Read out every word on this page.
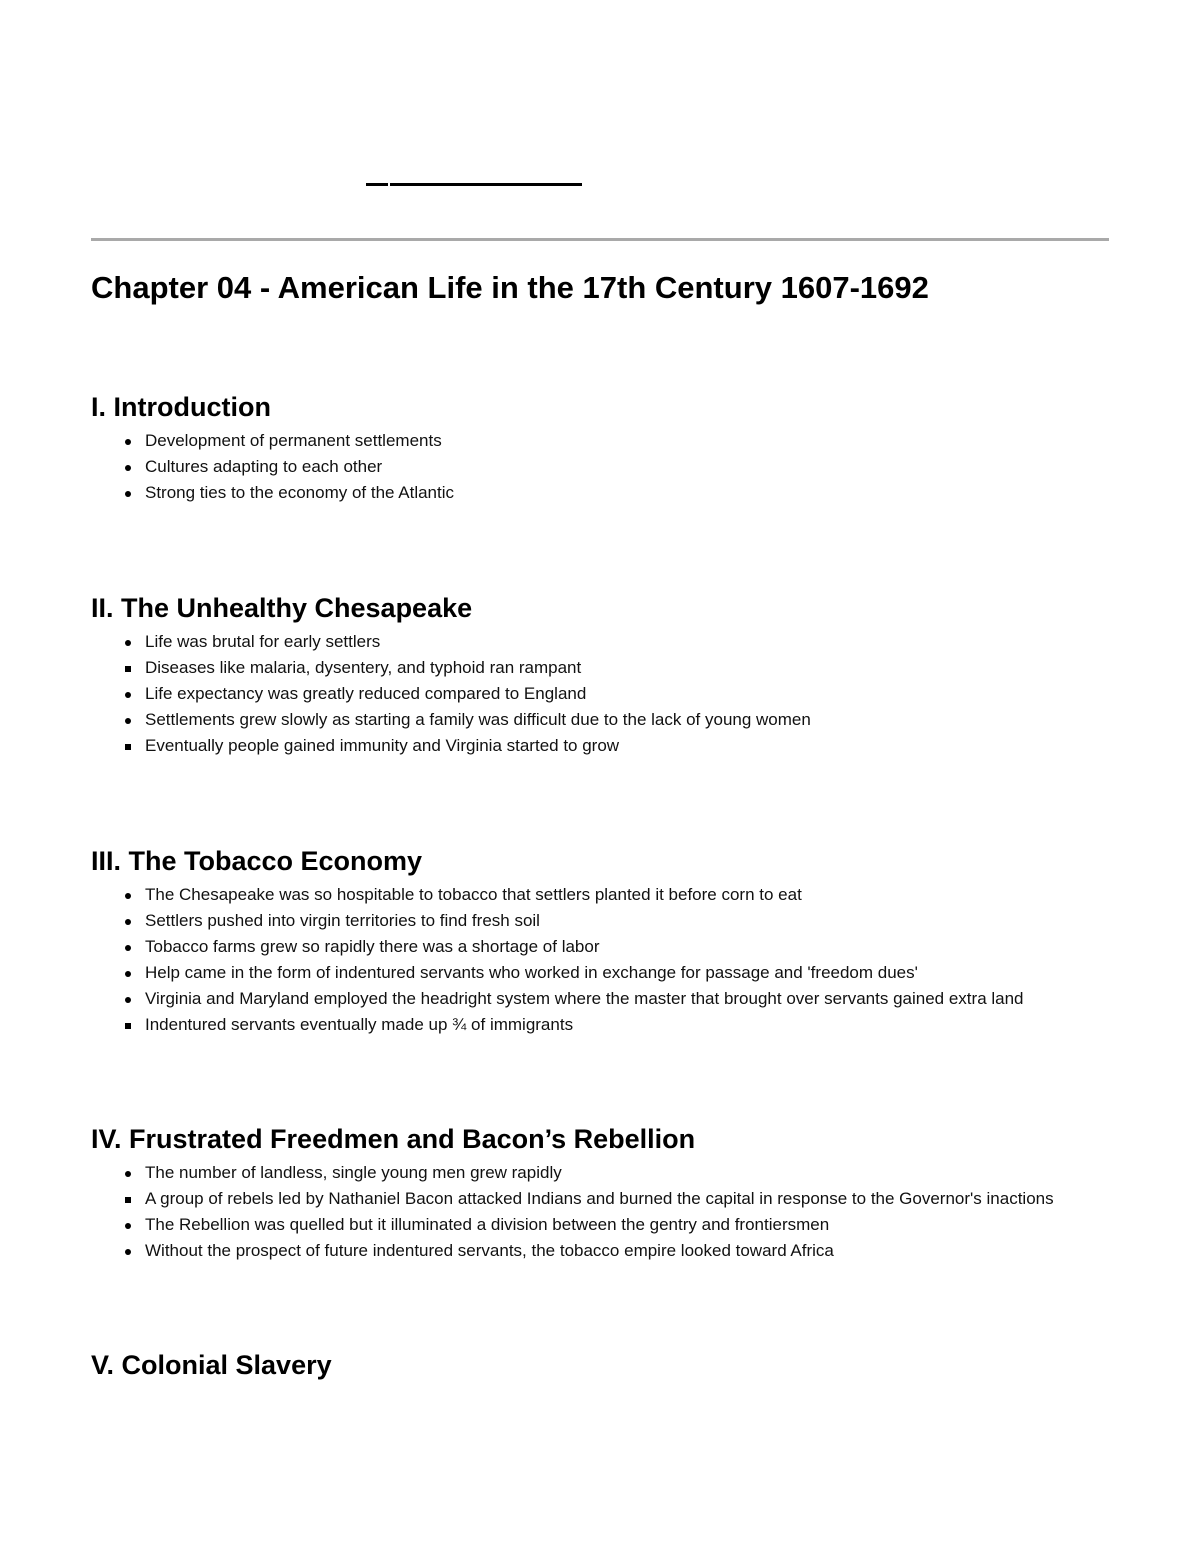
Chapter 04 - American Life in the 17th Century 1607-1692
I. Introduction
Development of permanent settlements
Cultures adapting to each other
Strong ties to the economy of the Atlantic
II. The Unhealthy Chesapeake
Life was brutal for early settlers
Diseases like malaria, dysentery, and typhoid ran rampant
Life expectancy was greatly reduced compared to England
Settlements grew slowly as starting a family was difficult due to the lack of young women
Eventually people gained immunity and Virginia started to grow
III. The Tobacco Economy
The Chesapeake was so hospitable to tobacco that settlers planted it before corn to eat
Settlers pushed into virgin territories to find fresh soil
Tobacco farms grew so rapidly there was a shortage of labor
Help came in the form of indentured servants who worked in exchange for passage and 'freedom dues'
Virginia and Maryland employed the headright system where the master that brought over servants gained extra land
Indentured servants eventually made up ¾ of immigrants
IV. Frustrated Freedmen and Bacon’s Rebellion
The number of landless, single young men grew rapidly
A group of rebels led by Nathaniel Bacon attacked Indians and burned the capital in response to the Governor's inactions
The Rebellion was quelled but it illuminated a division between the gentry and frontiersmen
Without the prospect of future indentured servants, the tobacco empire looked toward Africa
V. Colonial Slavery
